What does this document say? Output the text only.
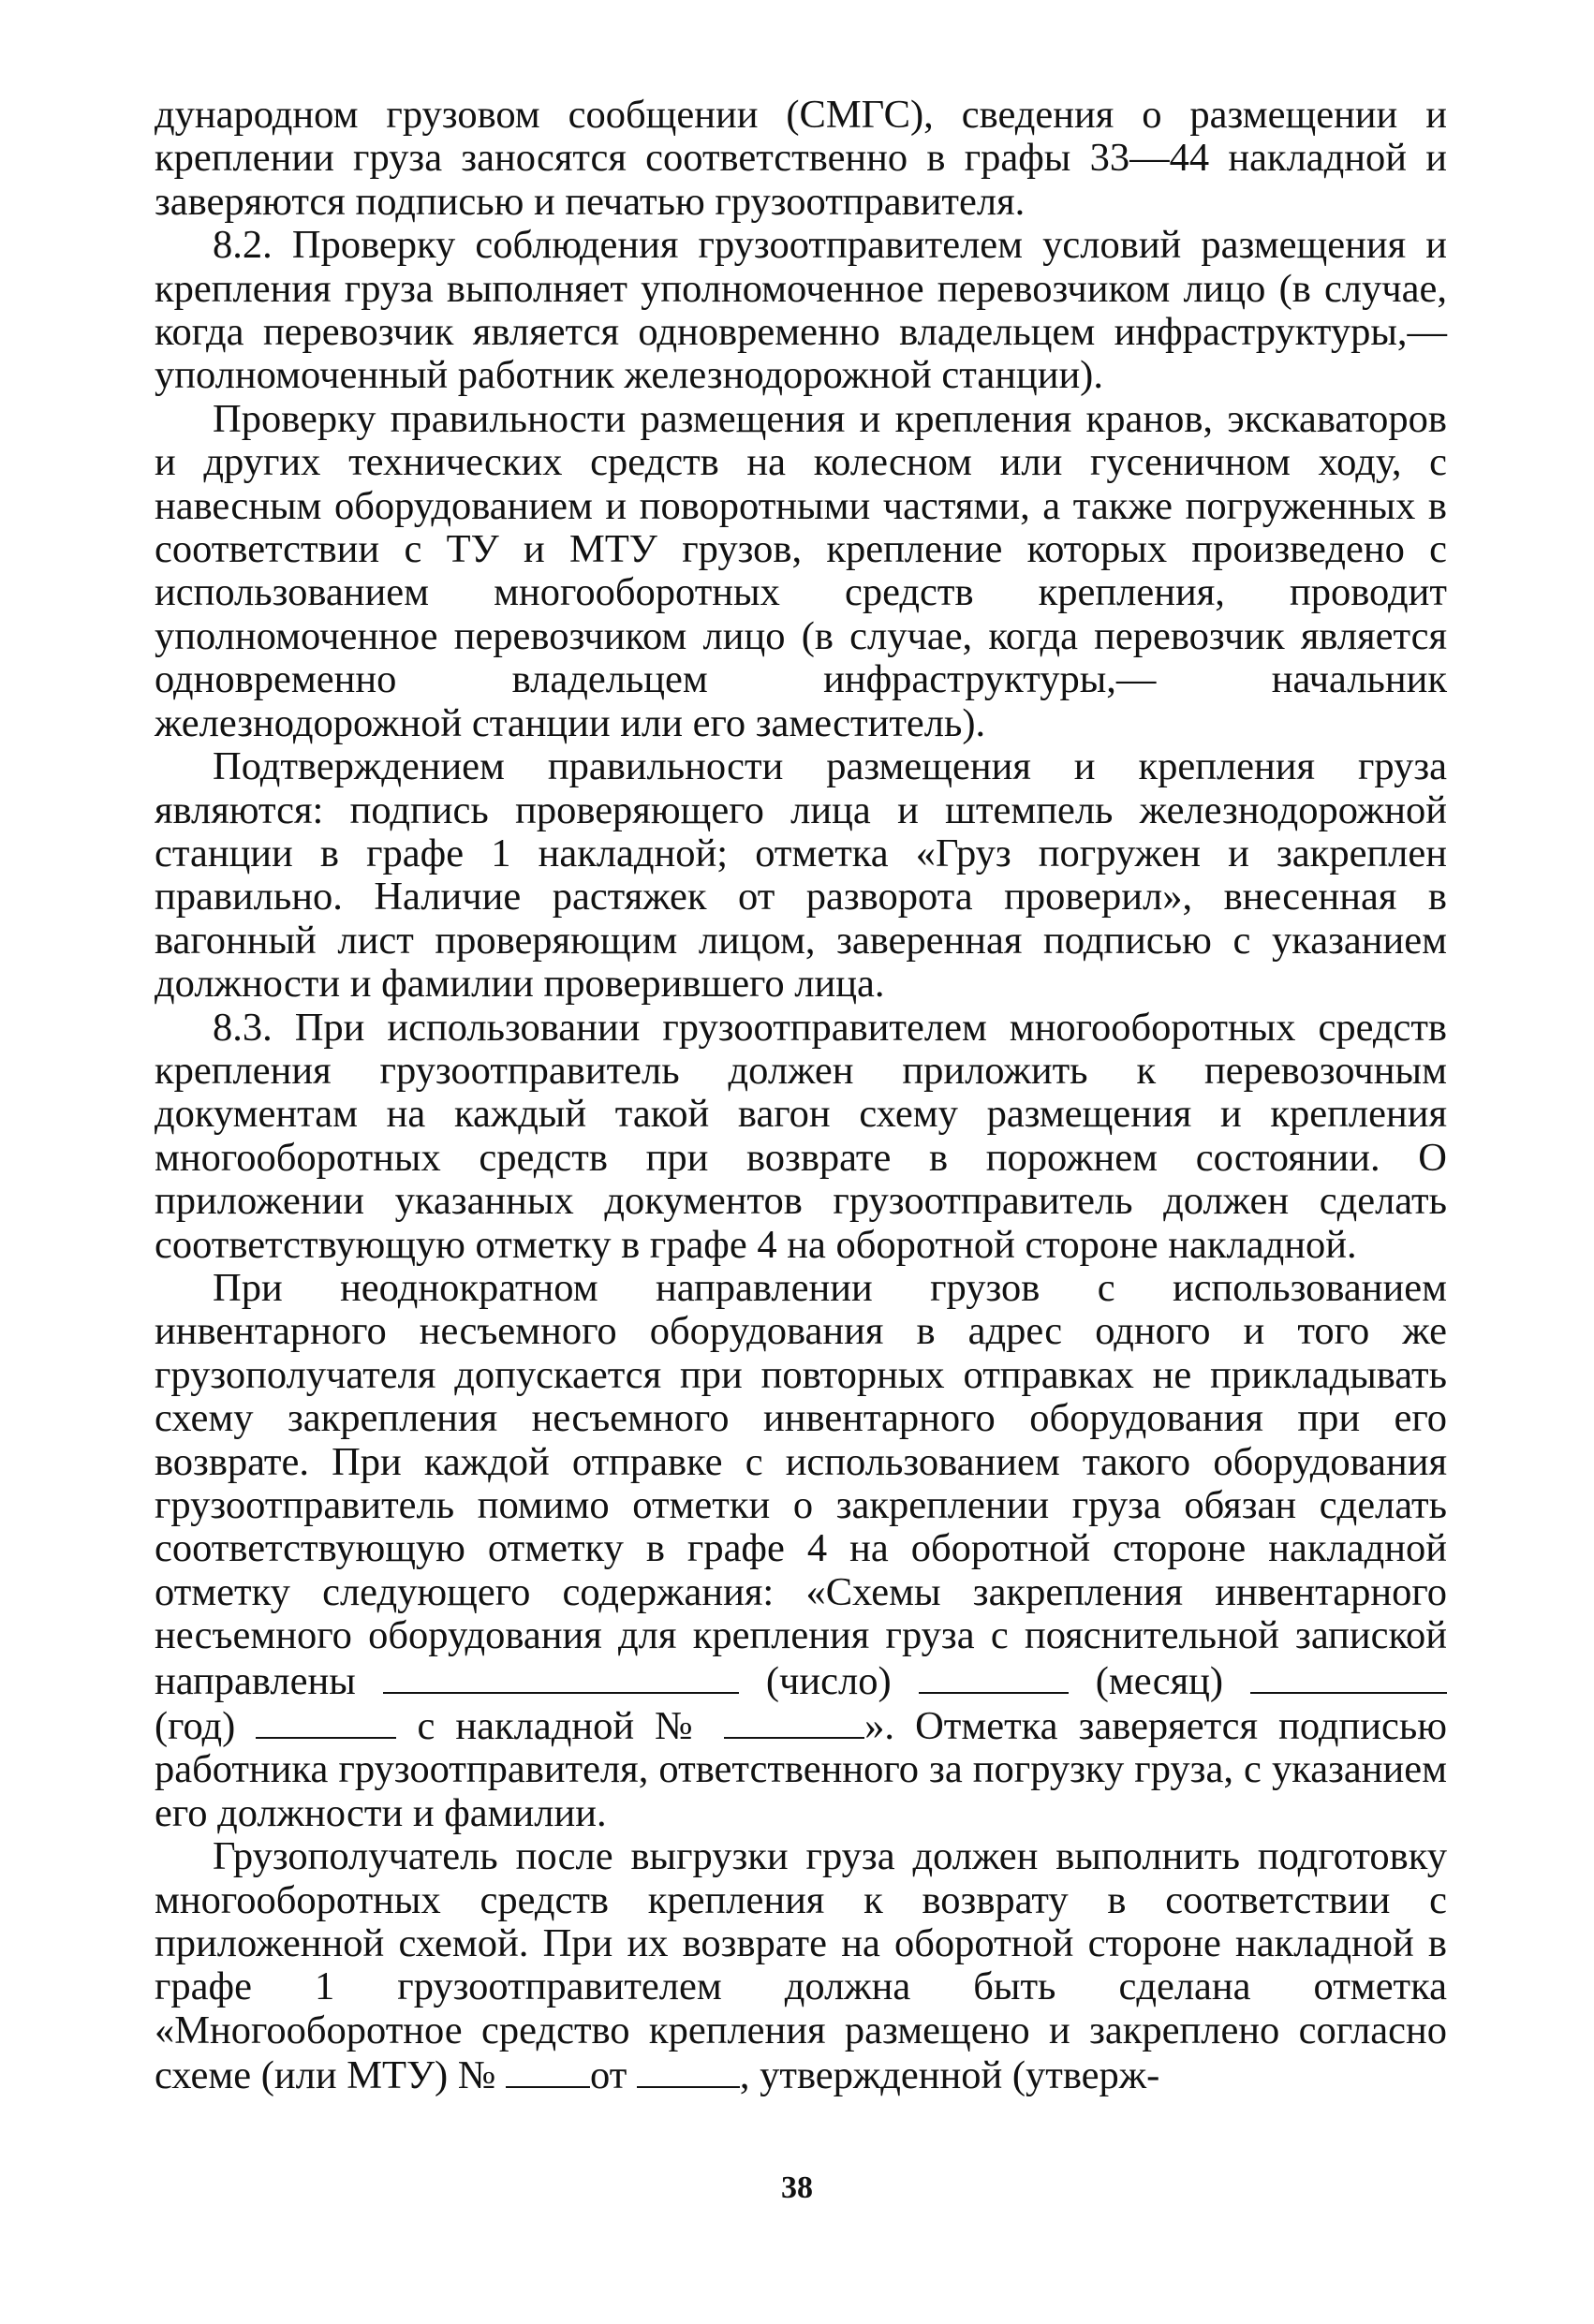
дународном грузовом сообщении (СМГС), сведения о размещении и креплении груза заносятся соответственно в графы 33—44 накладной и заверяются подписью и печатью грузоотправителя.

8.2. Проверку соблюдения грузоотправителем условий размещения и крепления груза выполняет уполномоченное перевозчиком лицо (в случае, когда перевозчик является одновременно владельцем инфраструктуры,— уполномоченный работник железнодорожной станции).

Проверку правильности размещения и крепления кранов, экскаваторов и других технических средств на колесном или гусеничном ходу, с навесным оборудованием и поворотными частями, а также погруженных в соответствии с ТУ и МТУ грузов, крепление которых произведено с использованием многооборотных средств крепления, проводит уполномоченное перевозчиком лицо (в случае, когда перевозчик является одновременно владельцем инфраструктуры,— начальник железнодорожной станции или его заместитель).

Подтверждением правильности размещения и крепления груза являются: подпись проверяющего лица и штемпель железнодорожной станции в графе 1 накладной; отметка «Груз погружен и закреплен правильно. Наличие растяжек от разворота проверил», внесенная в вагонный лист проверяющим лицом, заверенная подписью с указанием должности и фамилии проверившего лица.

8.3. При использовании грузоотправителем многооборотных средств крепления грузоотправитель должен приложить к перевозочным документам на каждый такой вагон схему размещения и крепления многооборотных средств при возврате в порожнем состоянии. О приложении указанных документов грузоотправитель должен сделать соответствующую отметку в графе 4 на оборотной стороне накладной.

При неоднократном направлении грузов с использованием инвентарного несъемного оборудования в адрес одного и того же грузополучателя допускается при повторных отправках не прикладывать схему закрепления несъемного инвентарного оборудования при его возврате. При каждой отправке с использованием такого оборудования грузоотправитель помимо отметки о закреплении груза обязан сделать соответствующую отметку в графе 4 на оборотной стороне накладной отметку следующего содержания: «Схемы закрепления инвентарного несъемного оборудования для крепления груза с пояснительной запиской направлены	(число)	(месяц)  (год)	с накладной №	». Отметка заверяется подписью работника грузоотправителя, ответственного за погрузку груза, с указанием его должности и фамилии.

Грузополучатель после выгрузки груза должен выполнить подготовку многооборотных средств крепления к возврату в соответствии с приложенной схемой. При их возврате на оборотной стороне накладной в графе 1 грузоотправителем должна быть сделана отметка «Многооборотное средство крепления размещено и закреплено согласно схеме (или МТУ) № от	, утвержденной (утверж-

38
